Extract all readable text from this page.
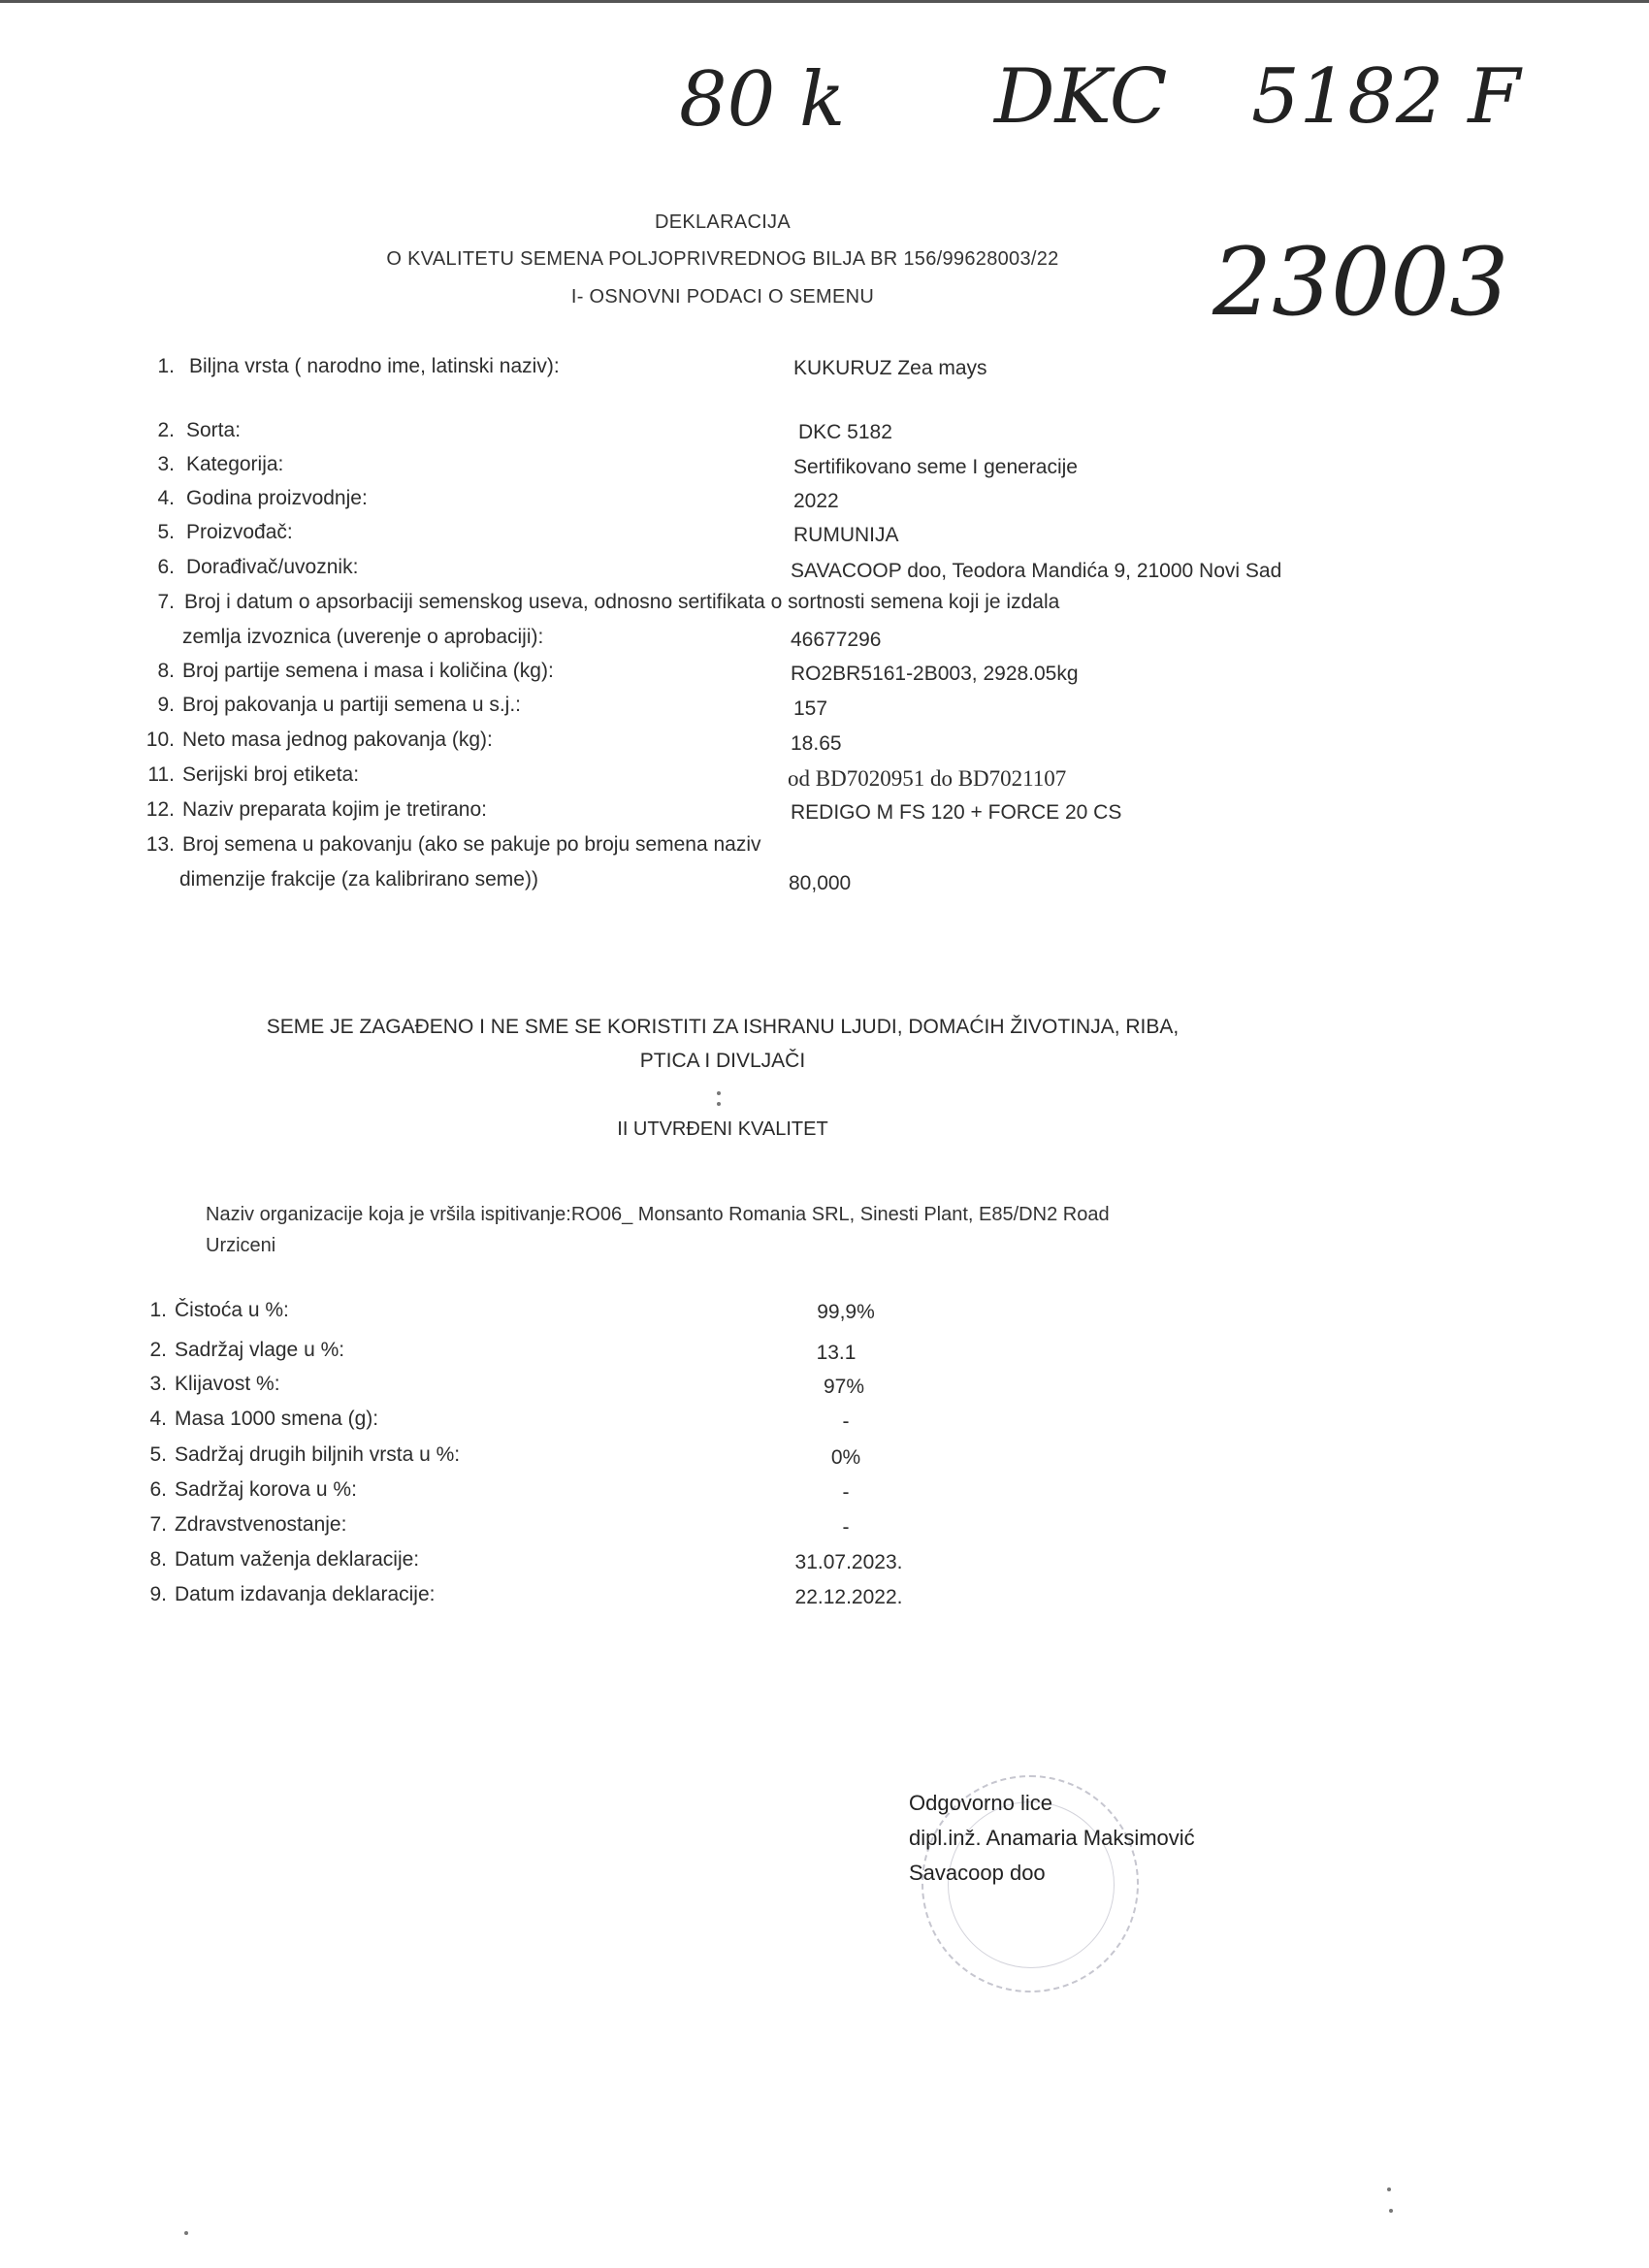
80 k DKC 5182 F
23003
DEKLARACIJA
O KVALITETU SEMENA POLJOPRIVREDNOG BILJA BR 156/99628003/22
I- OSNOVNI PODACI O SEMENU
1. Biljna vrsta ( narodno ime, latinski naziv):	KUKURUZ Zea mays
2. Sorta:	DKC 5182
3. Kategorija:	Sertifikovano seme I generacije
4. Godina proizvodnje:	2022
5. Proizvođač:	RUMUNIJA
6. Dorađivač/uvoznik:	SAVACOOP doo, Teodora Mandića 9, 21000 Novi Sad
7. Broj i datum o apsorbaciji semenskog useva, odnosno sertifikata o sortnosti semena koji je izdala
zemlja izvoznica (uverenje o aprobaciji):	46677296
8. Broj partije semena i masa i količina (kg):	RO2BR5161-2B003, 2928.05kg
9. Broj pakovanja u partiji semena u s.j.:	157
10. Neto masa jednog pakovanja (kg):	18.65
11. Serijski broj etiketa:	od BD7020951 do BD7021107
12. Naziv preparata kojim je tretirano:	REDIGO M FS 120 + FORCE 20 CS
13. Broj semena u pakovanju (ako se pakuje po broju semena naziv
dimenzije frakcije (za kalibrirano seme))	80,000
SEME JE ZAGAĐENO I NE SME SE KORISTITI ZA ISHRANU LJUDI, DOMAĆIH ŽIVOTINJA, RIBA,
PTICA I DIVLJAČI
II UTVRĐENI KVALITET
Naziv organizacije koja je vršila ispitivanje:RO06_ Monsanto Romania SRL, Sinesti Plant, E85/DN2 Road
Urziceni
1. Čistoća u %:	99,9%
2. Sadržaj vlage u %:	13.1
3. Klijavost %:	97%
4. Masa 1000 smena (g):	-
5. Sadržaj drugih biljnih vrsta u %:	0%
6. Sadržaj korova u %:	-
7. Zdravstvenostanje:	-
8. Datum važenja deklaracije:	31.07.2023.
9. Datum izdavanja deklaracije:	22.12.2022.
Odgovorno lice
dipl.inž. Anamaria Maksimović
Savacoop doo
